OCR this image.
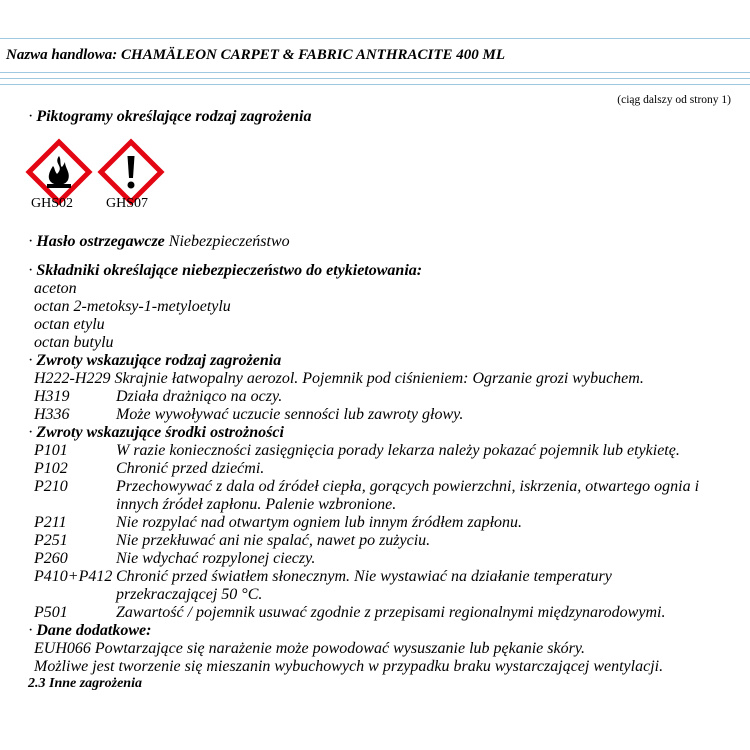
Nazwa handlowa: CHAMÄLEON CARPET & FABRIC ANTHRACITE 400 ML
(ciąg dalszy od strony 1)
· Piktogramy określające rodzaj zagrożenia
GHS02 GHS07
· Hasło ostrzegawcze Niebezpieczeństwo
· Składniki określające niebezpieczeństwo do etykietowania:
aceton
octan 2-metoksy-1-metyloetylu
octan etylu
octan butylu
· Zwroty wskazujące rodzaj zagrożenia
H222-H229 Skrajnie łatwopalny aerozol. Pojemnik pod ciśnieniem: Ogrzanie grozi wybuchem.
H319	Działa drażniąco na oczy.
H336	Może wywoływać uczucie senności lub zawroty głowy.
· Zwroty wskazujące środki ostrożności
P101	W razie konieczności zasięgnięcia porady lekarza należy pokazać pojemnik lub etykietę.
P102	Chronić przed dziećmi.
P210	Przechowywać z dala od źródeł ciepła, gorących powierzchni, iskrzenia, otwartego ognia i innych źródeł zapłonu. Palenie wzbronione.
P211	Nie rozpylać nad otwartym ogniem lub innym źródłem zapłonu.
P251	Nie przekłuwać ani nie spalać, nawet po zużyciu.
P260	Nie wdychać rozpylonej cieczy.
P410+P412 Chronić przed światłem słonecznym. Nie wystawiać na działanie temperatury przekraczającej 50 °C.
P501	Zawartość / pojemnik usuwać zgodnie z przepisami regionalnymi międzynarodowymi.
· Dane dodatkowe:
EUH066 Powtarzające się narażenie może powodować wysuszanie lub pękanie skóry.
Możliwe jest tworzenie się mieszanin wybuchowych w przypadku braku wystarczającej wentylacji.
2.3 Inne zagrożenia
